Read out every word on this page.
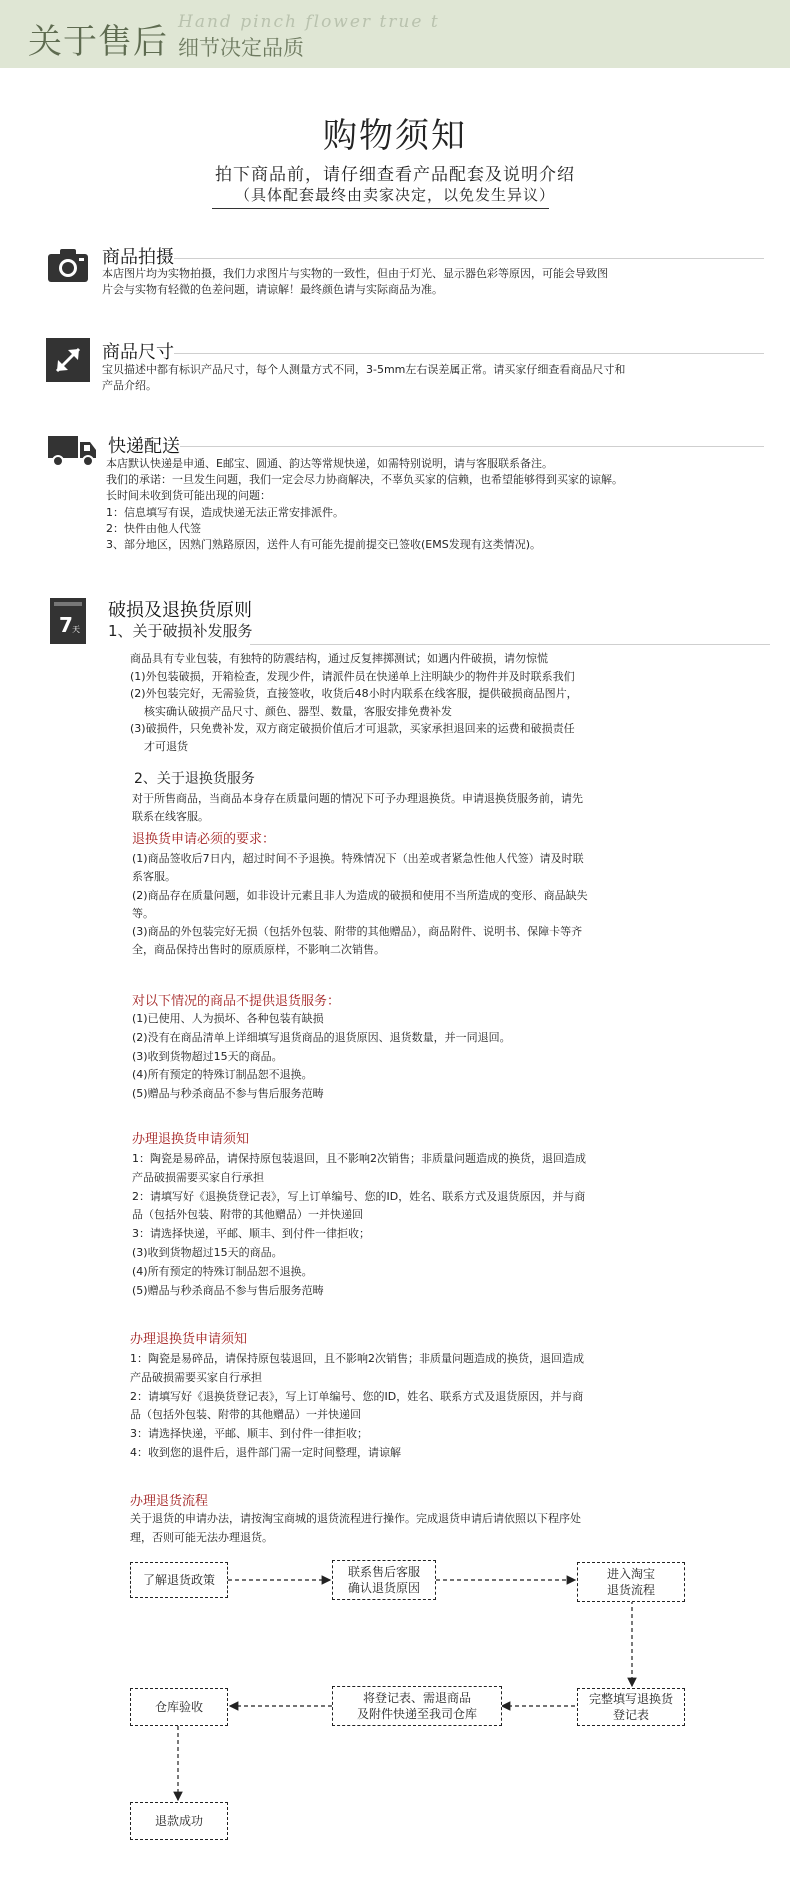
关于售后 Hand pinch flower true t
细节决定品质
购物须知
拍下商品前，请仔细查看产品配套及说明介绍
（具体配套最终由卖家决定，以免发生异议）
商品拍摄
本店图片均为实物拍摄，我们力求图片与实物的一致性，但由于灯光、显示器色彩等原因，可能会导致图
片会与实物有轻微的色差问题，请谅解！最终颜色请与实际商品为准。
商品尺寸
宝贝描述中都有标识产品尺寸，每个人测量方式不同，3-5mm左右误差属正常。请买家仔细查看商品尺寸和
产品介绍。
快递配送
本店默认快递是申通、E邮宝、圆通、韵达等常规快递，如需特别说明，请与客服联系备注。
我们的承诺：一旦发生问题，我们一定会尽力协商解决，不辜负买家的信赖，也希望能够得到买家的谅解。
长时间未收到货可能出现的问题：
1：信息填写有误，造成快递无法正常安排派件。
2：快件由他人代签
3、部分地区，因熟门熟路原因，送件人有可能先提前提交已签收(EMS发现有这类情况)。
7 天
破损及退换货原则
1、关于破损补发服务
商品具有专业包装，有独特的防震结构，通过反复摔掷测试；如遇内件破损，请勿惊慌
(1)外包装破损，开箱检查，发现少件，请派件员在快递单上注明缺少的物件并及时联系我们
(2)外包装完好，无需验货，直接签收，收货后48小时内联系在线客服，提供破损商品图片，
核实确认破损产品尺寸、颜色、器型、数量，客服安排免费补发
(3)破损件，只免费补发，双方商定破损价值后才可退款，买家承担退回来的运费和破损责任
才可退货
2、关于退换货服务
对于所售商品，当商品本身存在质量问题的情况下可予办理退换货。申请退换货服务前，请先
联系在线客服。
退换货申请必须的要求：
(1)商品签收后7日内，超过时间不予退换。特殊情况下（出差或者紧急性他人代签）请及时联
系客服。
(2)商品存在质量问题，如非设计元素且非人为造成的破损和使用不当所造成的变形、商品缺失
等。
(3)商品的外包装完好无损（包括外包装、附带的其他赠品），商品附件、说明书、保障卡等齐
全，商品保持出售时的原质原样，不影响二次销售。
对以下情况的商品不提供退货服务：
(1)已使用、人为损坏、各种包装有缺损
(2)没有在商品清单上详细填写退货商品的退货原因、退货数量，并一同退回。
(3)收到货物超过15天的商品。
(4)所有预定的特殊订制品恕不退换。
(5)赠品与秒杀商品不参与售后服务范畴
办理退换货申请须知
1：陶瓷是易碎品，请保持原包装退回，且不影响2次销售；非质量问题造成的换货，退回造成
产品破损需要买家自行承担
2：请填写好《退换货登记表》，写上订单编号、您的ID，姓名、联系方式及退货原因，并与商
品（包括外包装、附带的其他赠品）一并快递回
3：请选择快递，平邮、顺丰、到付件一律拒收；
(3)收到货物超过15天的商品。
(4)所有预定的特殊订制品恕不退换。
(5)赠品与秒杀商品不参与售后服务范畴
办理退换货申请须知
1：陶瓷是易碎品，请保持原包装退回，且不影响2次销售；非质量问题造成的换货，退回造成
产品破损需要买家自行承担
2：请填写好《退换货登记表》，写上订单编号、您的ID，姓名、联系方式及退货原因，并与商
品（包括外包装、附带的其他赠品）一并快递回
3：请选择快递，平邮、顺丰、到付件一律拒收；
4：收到您的退件后，退件部门需一定时间整理，请谅解
办理退货流程
关于退货的申请办法，请按淘宝商城的退货流程进行操作。完成退货申请后请依照以下程序处
理，否则可能无法办理退货。
了解退货政策
联系售后客服
确认退货原因
进入淘宝
退货流程
完整填写退换货
登记表
将登记表、需退商品
及附件快递至我司仓库
仓库验收
退款成功
